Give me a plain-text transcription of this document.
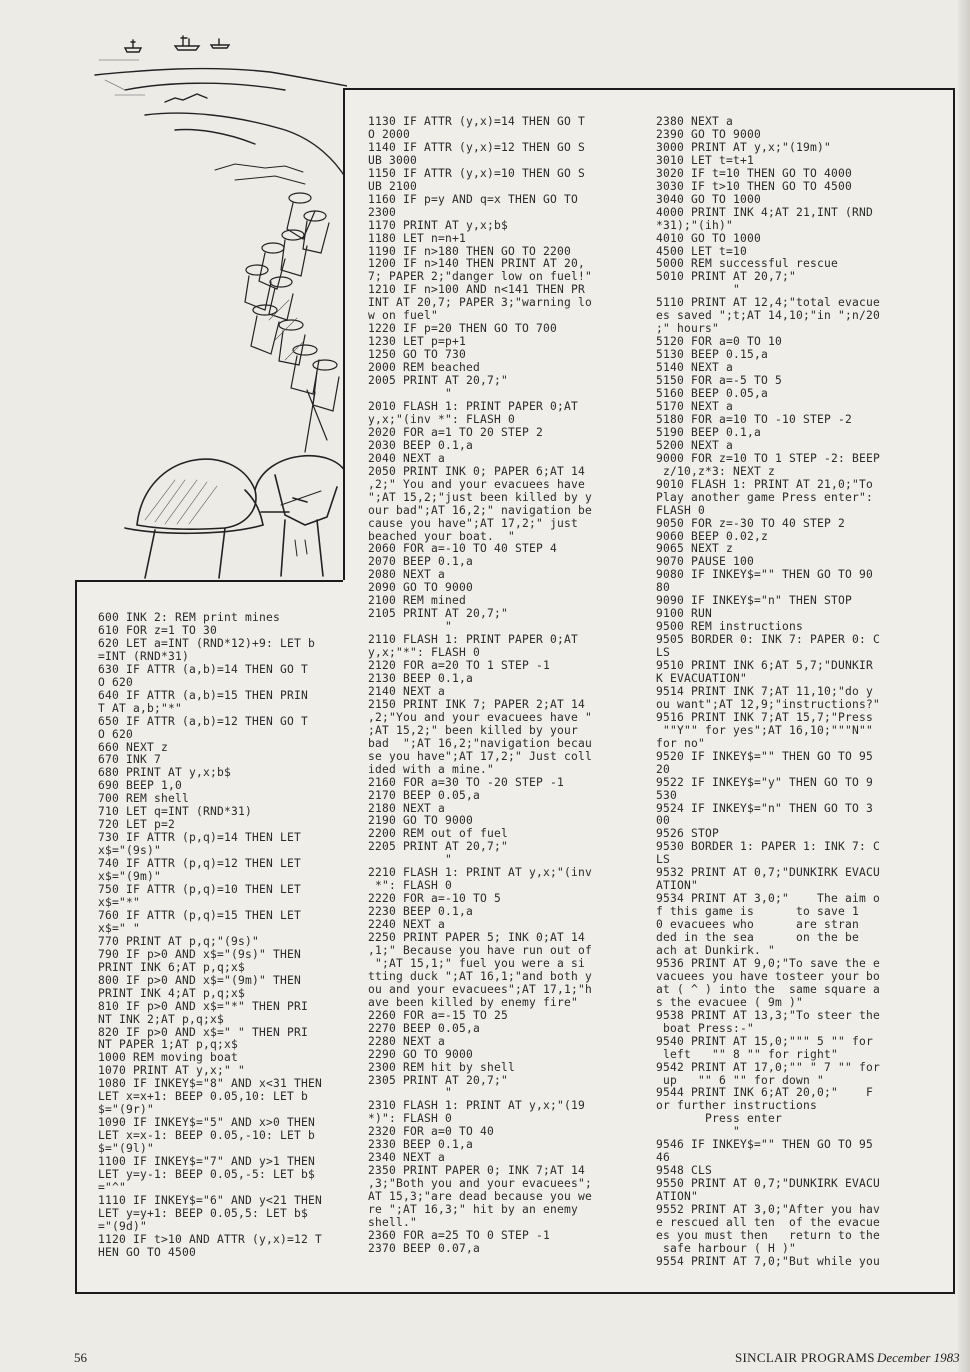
600 INK 2: REM print mines
610 FOR z=1 TO 30
620 LET a=INT (RND*12)+9: LET b
=INT (RND*31)
630 IF ATTR (a,b)=14 THEN GO T
O 620
640 IF ATTR (a,b)=15 THEN PRIN
T AT a,b;"*"
650 IF ATTR (a,b)=12 THEN GO T
O 620
660 NEXT z
670 INK 7
680 PRINT AT y,x;b$
690 BEEP 1,0
700 REM shell
710 LET q=INT (RND*31)
720 LET p=2
730 IF ATTR (p,q)=14 THEN LET
x$="(9s)"
740 IF ATTR (p,q)=12 THEN LET
x$="(9m)"
750 IF ATTR (p,q)=10 THEN LET
x$="*"
760 IF ATTR (p,q)=15 THEN LET
x$=" "
770 PRINT AT p,q;"(9s)"
790 IF p>0 AND x$="(9s)" THEN
PRINT INK 6;AT p,q;x$
800 IF p>0 AND x$="(9m)" THEN
PRINT INK 4;AT p,q;x$
810 IF p>0 AND x$="*" THEN PRI
NT INK 2;AT p,q;x$
820 IF p>0 AND x$=" " THEN PRI
NT PAPER 1;AT p,q;x$
1000 REM moving boat
1070 PRINT AT y,x;" "
1080 IF INKEY$="8" AND x<31 THEN
LET x=x+1: BEEP 0.05,10: LET b
$="(9r)"
1090 IF INKEY$="5" AND x>0 THEN
LET x=x-1: BEEP 0.05,-10: LET b
$="(9l)"
1100 IF INKEY$="7" AND y>1 THEN
LET y=y-1: BEEP 0.05,-5: LET b$
="^"
1110 IF INKEY$="6" AND y<21 THEN
LET y=y+1: BEEP 0.05,5: LET b$
="(9d)"
1120 IF t>10 AND ATTR (y,x)=12 T
HEN GO TO 4500
1130 IF ATTR (y,x)=14 THEN GO T
O 2000
1140 IF ATTR (y,x)=12 THEN GO S
UB 3000
1150 IF ATTR (y,x)=10 THEN GO S
UB 2100
1160 IF p=y AND q=x THEN GO TO
2300
1170 PRINT AT y,x;b$
1180 LET n=n+1
1190 IF n>180 THEN GO TO 2200
1200 IF n>140 THEN PRINT AT 20,
7; PAPER 2;"danger low on fuel!"
1210 IF n>100 AND n<141 THEN PR
INT AT 20,7; PAPER 3;"warning lo
w on fuel"
1220 IF p=20 THEN GO TO 700
1230 LET p=p+1
1250 GO TO 730
2000 REM beached
2005 PRINT AT 20,7;"
"
2010 FLASH 1: PRINT PAPER 0;AT
y,x;"(inv *": FLASH 0
2020 FOR a=1 TO 20 STEP 2
2030 BEEP 0.1,a
2040 NEXT a
2050 PRINT INK 0; PAPER 6;AT 14
,2;" You and your evacuees have
";AT 15,2;"just been killed by y
our bad";AT 16,2;" navigation be
cause you have";AT 17,2;" just
beached your boat.  "
2060 FOR a=-10 TO 40 STEP 4
2070 BEEP 0.1,a
2080 NEXT a
2090 GO TO 9000
2100 REM mined
2105 PRINT AT 20,7;"
"
2110 FLASH 1: PRINT PAPER 0;AT
y,x;"*": FLASH 0
2120 FOR a=20 TO 1 STEP -1
2130 BEEP 0.1,a
2140 NEXT a
2150 PRINT INK 7; PAPER 2;AT 14
,2;"You and your evacuees have "
;AT 15,2;" been killed by your
bad  ";AT 16,2;"navigation becau
se you have";AT 17,2;" Just coll
ided with a mine."
2160 FOR a=30 TO -20 STEP -1
2170 BEEP 0.05,a
2180 NEXT a
2190 GO TO 9000
2200 REM out of fuel
2205 PRINT AT 20,7;"
"
2210 FLASH 1: PRINT AT y,x;"(inv
*": FLASH 0
2220 FOR a=-10 TO 5
2230 BEEP 0.1,a
2240 NEXT a
2250 PRINT PAPER 5; INK 0;AT 14
,1;" Because you have run out of
";AT 15,1;" fuel you were a si
tting duck ";AT 16,1;"and both y
ou and your evacuees";AT 17,1;"h
ave been killed by enemy fire"
2260 FOR a=-15 TO 25
2270 BEEP 0.05,a
2280 NEXT a
2290 GO TO 9000
2300 REM hit by shell
2305 PRINT AT 20,7;"
"
2310 FLASH 1: PRINT AT y,x;"(19
*)": FLASH 0
2320 FOR a=0 TO 40
2330 BEEP 0.1,a
2340 NEXT a
2350 PRINT PAPER 0; INK 7;AT 14
,3;"Both you and your evacuees";
AT 15,3;"are dead because you we
re ";AT 16,3;" hit by an enemy
shell."
2360 FOR a=25 TO 0 STEP -1
2370 BEEP 0.07,a
2380 NEXT a
2390 GO TO 9000
3000 PRINT AT y,x;"(19m)"
3010 LET t=t+1
3020 IF t=10 THEN GO TO 4000
3030 IF t>10 THEN GO TO 4500
3040 GO TO 1000
4000 PRINT INK 4;AT 21,INT (RND
*31);"(ih)"
4010 GO TO 1000
4500 LET t=10
5000 REM successful rescue
5010 PRINT AT 20,7;"
"
5110 PRINT AT 12,4;"total evacue
es saved ";t;AT 14,10;"in ";n/20
;" hours"
5120 FOR a=0 TO 10
5130 BEEP 0.15,a
5140 NEXT a
5150 FOR a=-5 TO 5
5160 BEEP 0.05,a
5170 NEXT a
5180 FOR a=10 TO -10 STEP -2
5190 BEEP 0.1,a
5200 NEXT a
9000 FOR z=10 TO 1 STEP -2: BEEP
z/10,z*3: NEXT z
9010 FLASH 1: PRINT AT 21,0;"To
Play another game Press enter":
FLASH 0
9050 FOR z=-30 TO 40 STEP 2
9060 BEEP 0.02,z
9065 NEXT z
9070 PAUSE 100
9080 IF INKEY$="" THEN GO TO 90
80
9090 IF INKEY$="n" THEN STOP
9100 RUN
9500 REM instructions
9505 BORDER 0: INK 7: PAPER 0: C
LS
9510 PRINT INK 6;AT 5,7;"DUNKIR
K EVACUATION"
9514 PRINT INK 7;AT 11,10;"do y
ou want";AT 12,9;"instructions?"
9516 PRINT INK 7;AT 15,7;"Press
""Y"" for yes";AT 16,10;"""N""
for no"
9520 IF INKEY$="" THEN GO TO 95
20
9522 IF INKEY$="y" THEN GO TO 9
530
9524 IF INKEY$="n" THEN GO TO 3
00
9526 STOP
9530 BORDER 1: PAPER 1: INK 7: C
LS
9532 PRINT AT 0,7;"DUNKIRK EVACU
ATION"
9534 PRINT AT 3,0;"    The aim o
f this game is      to save 1
0 evacuees who      are stran
ded in the sea      on the be
ach at Dunkirk. "
9536 PRINT AT 9,0;"To save the e
vacuees you have tosteer your bo
at ( ^ ) into the  same square a
s the evacuee ( 9m )"
9538 PRINT AT 13,3;"To steer the
boat Press:-"
9540 PRINT AT 15,0;""" 5 "" for
left   "" 8 "" for right"
9542 PRINT AT 17,0;"" " 7 "" for
up   "" 6 "" for down "
9544 PRINT INK 6;AT 20,0;"    F
or further instructions
Press enter
"
9546 IF INKEY$="" THEN GO TO 95
46
9548 CLS
9550 PRINT AT 0,7;"DUNKIRK EVACU
ATION"
9552 PRINT AT 3,0;"After you hav
e rescued all ten  of the evacue
es you must then   return to the
safe harbour ( H )"
9554 PRINT AT 7,0;"But while you
56	SINCLAIR PROGRAMS December 1983
